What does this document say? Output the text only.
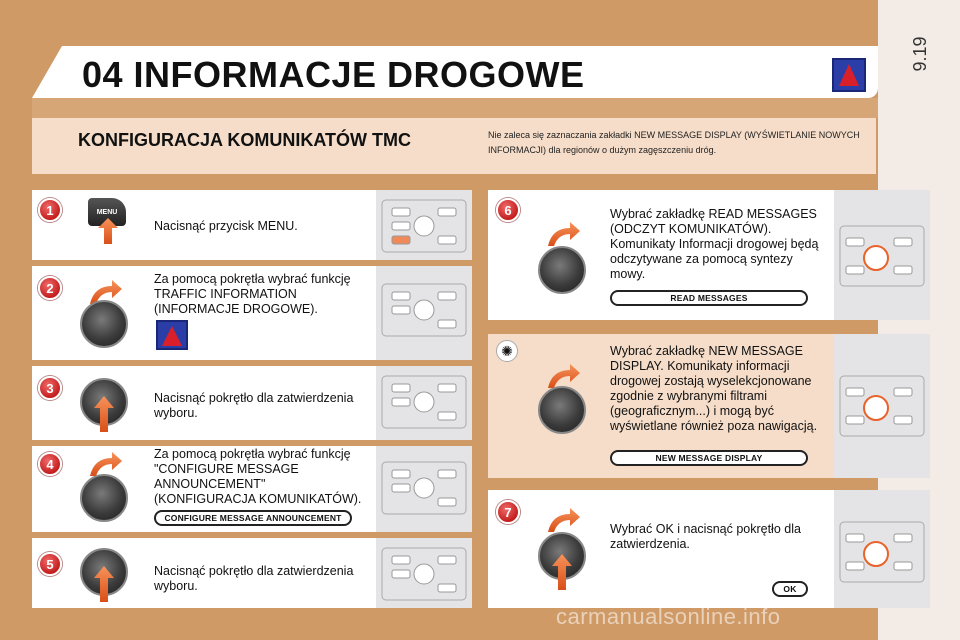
9.19
04 INFORMACJE DROGOWE
KONFIGURACJA KOMUNIKATÓW TMC	Nie zaleca się zaznaczania zakładki NEW MESSAGE DISPLAY (WYŚWIETLANIE NOWYCH INFORMACJI) dla regionów o dużym zagęszczeniu dróg.
1	MENU
Nacisnąć przycisk MENU.
2
Za pomocą pokrętła wybrać funkcję TRAFFIC INFORMATION (INFORMACJE DROGOWE).
3
Nacisnąć pokrętło dla zatwierdzenia wyboru.
4
Za pomocą pokrętła wybrać funkcję "CONFIGURE MESSAGE ANNOUNCEMENT" (KONFIGURACJA KOMUNIKATÓW).
CONFIGURE MESSAGE ANNOUNCEMENT
5	Nacisnąć pokrętło dla zatwierdzenia wyboru.
6	Wybrać zakładkę READ MESSAGES (ODCZYT KOMUNIKATÓW). Komunikaty Informacji drogowej będą odczytywane za pomocą syntezy mowy.
READ MESSAGES
✺	Wybrać zakładkę NEW MESSAGE DISPLAY. Komunikaty informacji drogowej zostają wyselekcjonowane zgodnie z wybranymi filtrami (geograficznym...) i mogą być wyświetlane również poza nawigacją.
NEW MESSAGE DISPLAY
7
Wybrać OK i nacisnąć pokrętło dla zatwierdzenia.
OK
carmanualsonline.info
